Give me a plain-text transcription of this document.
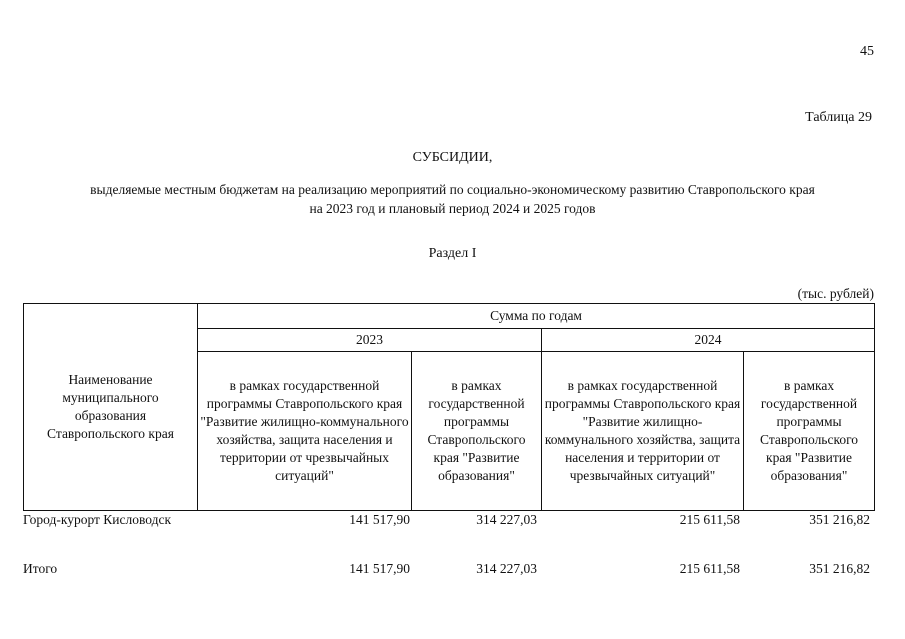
45
Таблица 29
СУБСИДИИ,
выделяемые местным бюджетам на реализацию мероприятий по социально-экономическому развитию Ставропольского края
на 2023 год и плановый период 2024 и 2025 годов
Раздел I
(тыс. рублей)
Наименование муниципального образования Ставропольского края	Сумма по годам			
	2023		2024	
	в рамках государственной программы Ставропольского края "Развитие жилищно-коммунального хозяйства, защита населения и территории от чрезвычайных ситуаций"	в рамках государственной программы Ставропольского края "Развитие образования"	в рамках государственной программы Ставропольского края "Развитие жилищно-коммунального хозяйства, защита населения и территории от чрезвычайных ситуаций"	в рамках государственной программы Ставропольского края "Развитие образования"
Город-курорт Кисловодск	141 517,90	314 227,03	215 611,58	351 216,82
Итого	141 517,90	314 227,03	215 611,58	351 216,82
